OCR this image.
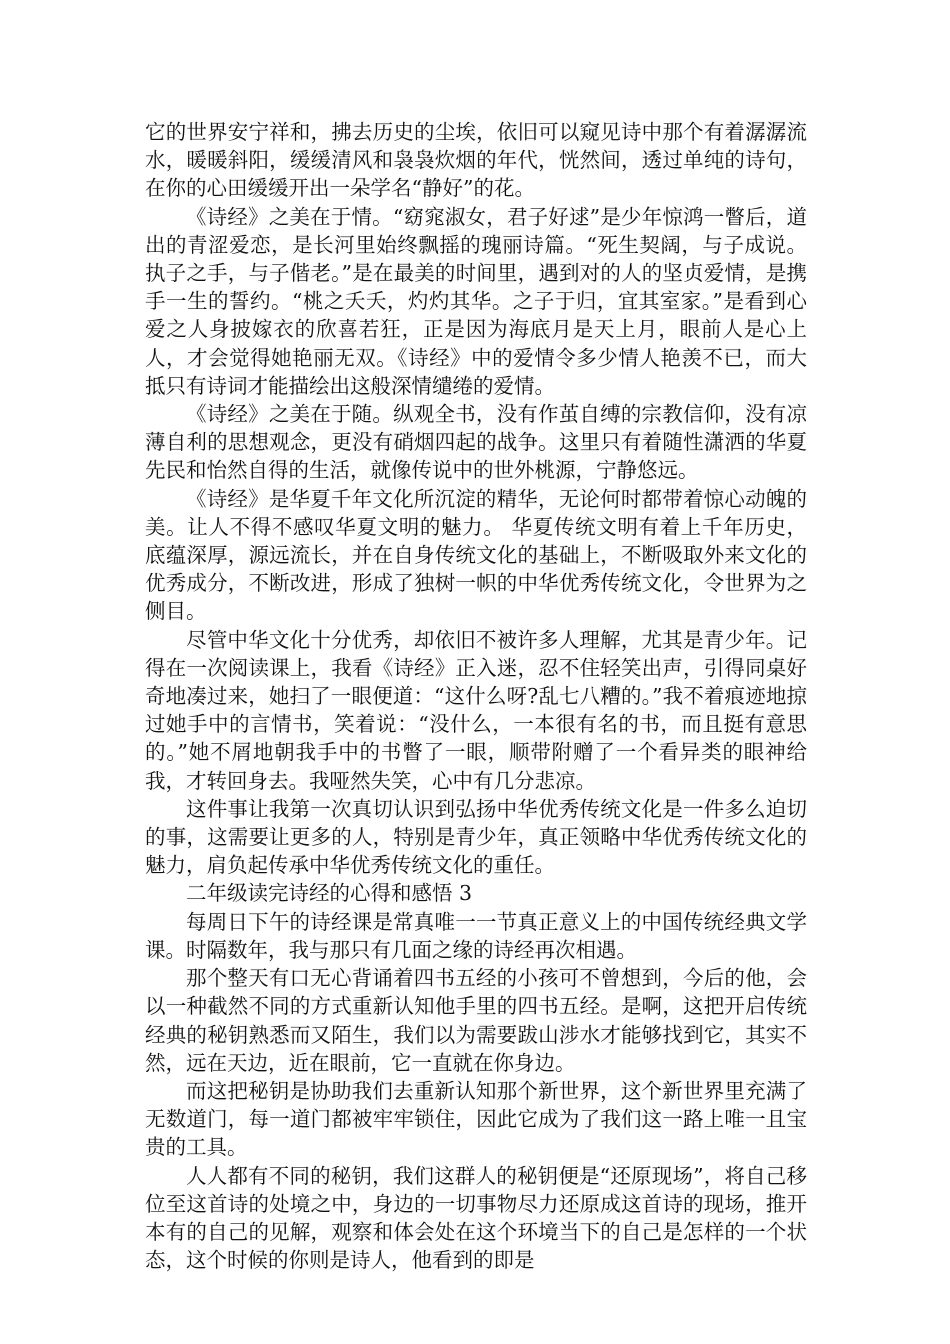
它的世界安宁祥和，拂去历史的尘埃，依旧可以窥见诗中那个有着潺潺流水，暖暖斜阳，缓缓清风和袅袅炊烟的年代，恍然间，透过单纯的诗句，在你的心田缓缓开出一朵学名“静好”的花。

《诗经》之美在于情。“窈窕淑女，君子好逑”是少年惊鸿一瞥后，道出的青涩爱恋，是长河里始终飘摇的瑰丽诗篇。“死生契阔，与子成说。执子之手，与子偕老。”是在最美的时间里，遇到对的人的坚贞爱情，是携手一生的誓约。“桃之夭夭，灼灼其华。之子于归，宜其室家。”是看到心爱之人身披嫁衣的欣喜若狂，正是因为海底月是天上月，眼前人是心上人，才会觉得她艳丽无双。《诗经》中的爱情令多少情人艳羡不已，而大抵只有诗词才能描绘出这般深情缱绻的爱情。

《诗经》之美在于随。纵观全书，没有作茧自缚的宗教信仰，没有凉薄自利的思想观念，更没有硝烟四起的战争。这里只有着随性潇洒的华夏先民和怡然自得的生活，就像传说中的世外桃源，宁静悠远。

《诗经》是华夏千年文化所沉淀的精华，无论何时都带着惊心动魄的美。让人不得不感叹华夏文明的魅力。 华夏传统文明有着上千年历史，底蕴深厚，源远流长，并在自身传统文化的基础上，不断吸取外来文化的优秀成分，不断改进，形成了独树一帜的中华优秀传统文化，令世界为之侧目。

尽管中华文化十分优秀，却依旧不被许多人理解，尤其是青少年。记得在一次阅读课上，我看《诗经》正入迷，忍不住轻笑出声，引得同桌好奇地凑过来，她扫了一眼便道：“这什么呀?乱七八糟的。”我不着痕迹地掠过她手中的言情书，笑着说：“没什么，一本很有名的书，而且挺有意思的。”她不屑地朝我手中的书瞥了一眼，顺带附赠了一个看异类的眼神给我，才转回身去。我哑然失笑，心中有几分悲凉。

这件事让我第一次真切认识到弘扬中华优秀传统文化是一件多么迫切的事，这需要让更多的人，特别是青少年，真正领略中华优秀传统文化的魅力，肩负起传承中华优秀传统文化的重任。

二年级读完诗经的心得和感悟 3

每周日下午的诗经课是常真唯一一节真正意义上的中国传统经典文学课。时隔数年，我与那只有几面之缘的诗经再次相遇。

那个整天有口无心背诵着四书五经的小孩可不曾想到，今后的他，会以一种截然不同的方式重新认知他手里的四书五经。是啊，这把开启传统经典的秘钥熟悉而又陌生，我们以为需要跋山涉水才能够找到它，其实不然，远在天边，近在眼前，它一直就在你身边。

而这把秘钥是协助我们去重新认知那个新世界，这个新世界里充满了无数道门，每一道门都被牢牢锁住，因此它成为了我们这一路上唯一且宝贵的工具。

人人都有不同的秘钥，我们这群人的秘钥便是“还原现场”，将自己移位至这首诗的处境之中，身边的一切事物尽力还原成这首诗的现场，推开本有的自己的见解，观察和体会处在这个环境当下的自己是怎样的一个状态，这个时候的你则是诗人，他看到的即是
